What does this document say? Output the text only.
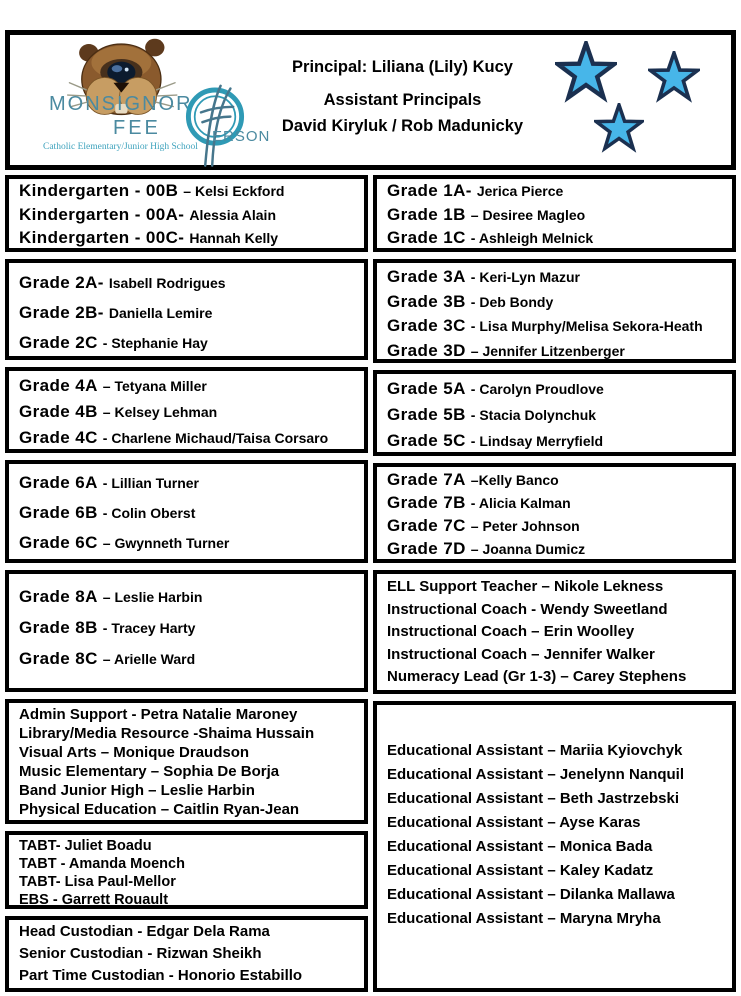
MONSIGNOR
FEE	ERSON
Catholic Elementary/Junior High School
Principal: Liliana (Lily) Kucy
Assistant Principals
David Kiryluk / Rob Madunicky
Kindergarten - 00B – Kelsi Eckford
Kindergarten - 00A- Alessia Alain
Kindergarten - 00C- Hannah Kelly
Grade 2A- Isabell Rodrigues
Grade 2B- Daniella Lemire
Grade 2C - Stephanie Hay
Grade 4A – Tetyana Miller
Grade 4B – Kelsey Lehman
Grade 4C - Charlene Michaud/Taisa Corsaro
Grade 6A - Lillian Turner
Grade 6B - Colin Oberst
Grade 6C – Gwynneth Turner
Grade 8A – Leslie Harbin
Grade 8B - Tracey Harty
Grade 8C – Arielle Ward
Admin Support - Petra Natalie Maroney
Library/Media Resource -Shaima Hussain
Visual Arts – Monique Draudson
Music Elementary – Sophia De Borja
Band Junior High – Leslie Harbin
Physical Education – Caitlin Ryan-Jean
TABT- Juliet Boadu
TABT - Amanda Moench
TABT- Lisa Paul-Mellor
EBS - Garrett Rouault
Head Custodian - Edgar Dela Rama
Senior Custodian - Rizwan Sheikh
Part Time Custodian - Honorio Estabillo
Grade 1A- Jerica Pierce
Grade 1B – Desiree Magleo
Grade 1C - Ashleigh Melnick
Grade 3A - Keri-Lyn Mazur
Grade 3B - Deb Bondy
Grade 3C - Lisa Murphy/Melisa Sekora-Heath
Grade 3D – Jennifer Litzenberger
Grade 5A - Carolyn Proudlove
Grade 5B - Stacia Dolynchuk
Grade 5C - Lindsay Merryfield
Grade 7A –Kelly Banco
Grade 7B - Alicia Kalman
Grade 7C – Peter Johnson
Grade 7D – Joanna Dumicz
ELL Support Teacher – Nikole Lekness
Instructional Coach - Wendy Sweetland
Instructional Coach – Erin Woolley
Instructional Coach – Jennifer Walker
Numeracy Lead (Gr 1-3) – Carey Stephens
Educational Assistant – Mariia Kyiovchyk
Educational Assistant – Jenelynn Nanquil
Educational Assistant – Beth Jastrzebski
Educational Assistant – Ayse Karas
Educational Assistant – Monica Bada
Educational Assistant – Kaley Kadatz
Educational Assistant – Dilanka Mallawa
Educational Assistant – Maryna Mryha
